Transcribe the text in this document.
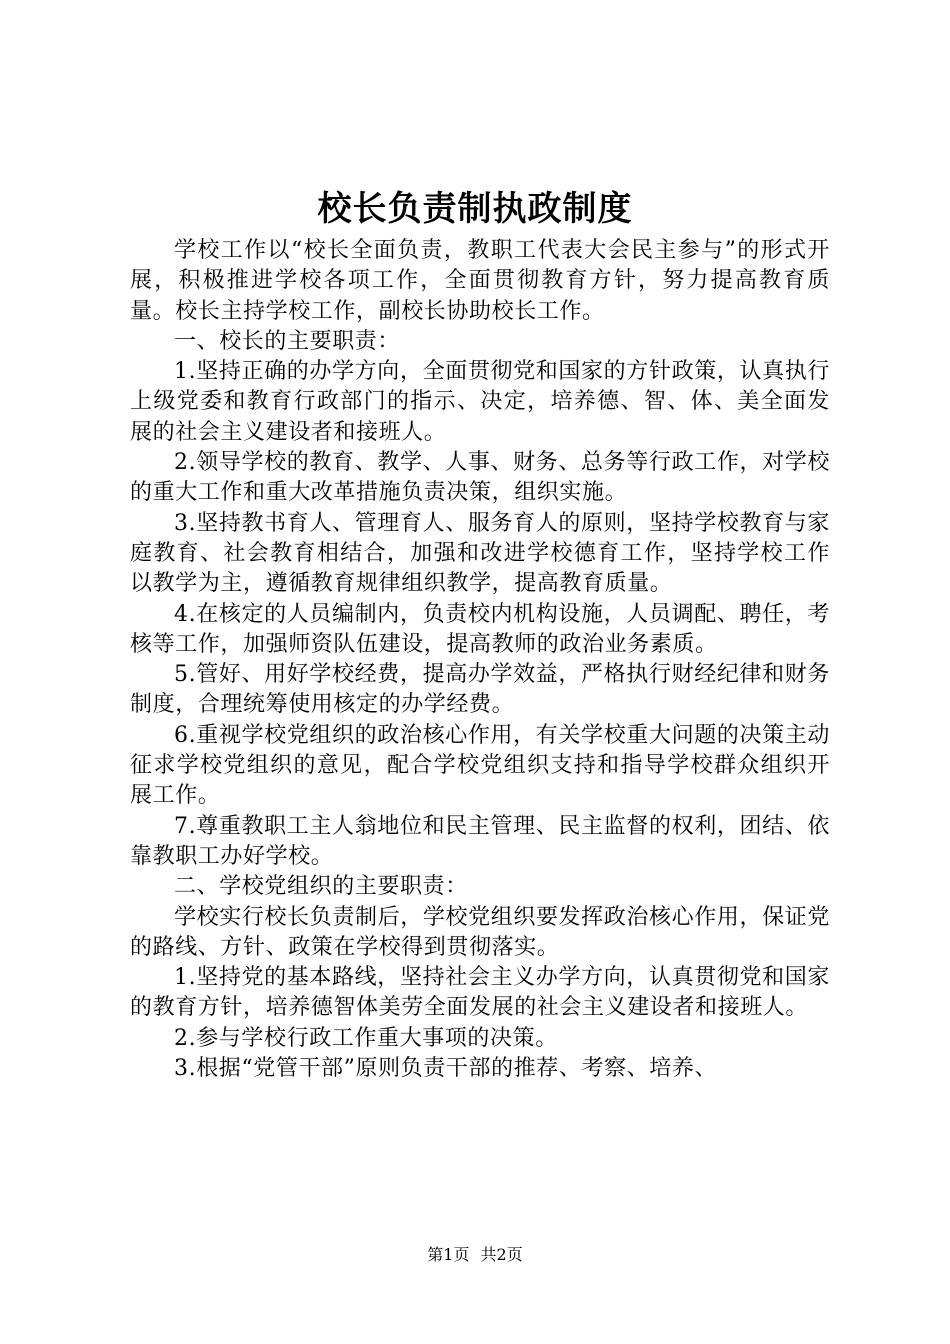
校长负责制执政制度

学校工作以“校长全面负责，教职工代表大会民主参与”的形式开展，积极推进学校各项工作，全面贯彻教育方针，努力提高教育质量。校长主持学校工作，副校长协助校长工作。

一、校长的主要职责：

1.坚持正确的办学方向，全面贯彻党和国家的方针政策，认真执行上级党委和教育行政部门的指示、决定，培养德、智、体、美全面发展的社会主义建设者和接班人。

2.领导学校的教育、教学、人事、财务、总务等行政工作，对学校的重大工作和重大改革措施负责决策，组织实施。

3.坚持教书育人、管理育人、服务育人的原则，坚持学校教育与家庭教育、社会教育相结合，加强和改进学校德育工作，坚持学校工作以教学为主，遵循教育规律组织教学，提高教育质量。

4.在核定的人员编制内，负责校内机构设施，人员调配、聘任，考核等工作，加强师资队伍建设，提高教师的政治业务素质。

5.管好、用好学校经费，提高办学效益，严格执行财经纪律和财务制度，合理统筹使用核定的办学经费。

6.重视学校党组织的政治核心作用，有关学校重大问题的决策主动征求学校党组织的意见，配合学校党组织支持和指导学校群众组织开展工作。

7.尊重教职工主人翁地位和民主管理、民主监督的权利，团结、依靠教职工办好学校。

二、学校党组织的主要职责：

学校实行校长负责制后，学校党组织要发挥政治核心作用，保证党的路线、方针、政策在学校得到贯彻落实。

1.坚持党的基本路线，坚持社会主义办学方向，认真贯彻党和国家的教育方针，培养德智体美劳全面发展的社会主义建设者和接班人。

2.参与学校行政工作重大事项的决策。

3.根据“党管干部”原则负责干部的推荐、考察、培养、

第1页 共2页
